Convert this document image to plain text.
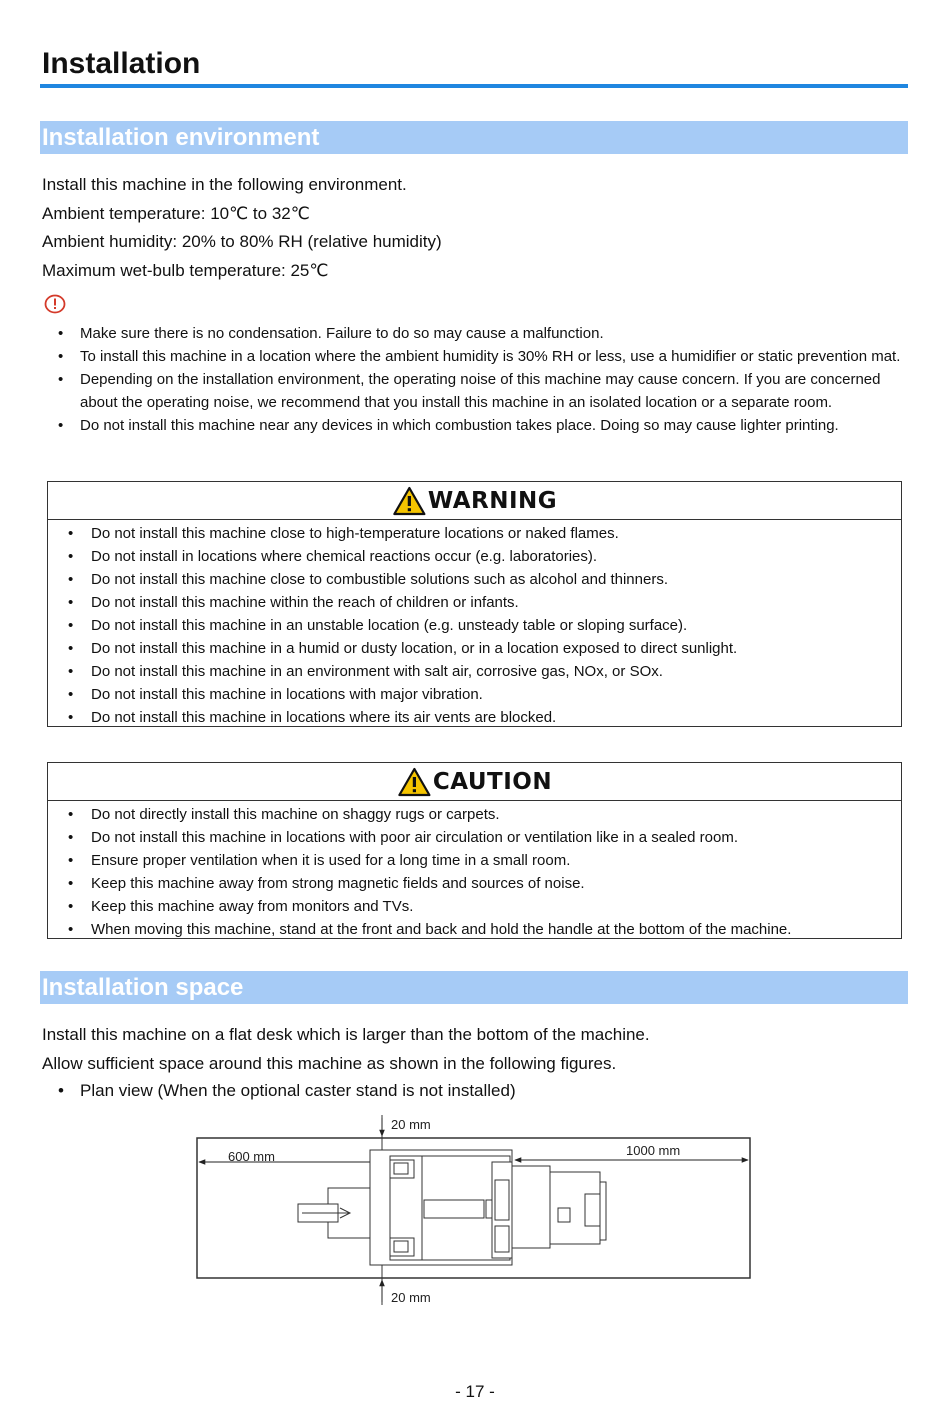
Installation
Installation environment

Install this machine in the following environment.

Ambient temperature: 10℃ to 32℃

Ambient humidity: 20% to 80% RH (relative humidity)

Maximum wet-bulb temperature: 25℃

• Make sure there is no condensation. Failure to do so may cause a malfunction.
• To install this machine in a location where the ambient humidity is 30% RH or less, use a humidifier or static prevention mat.
• Depending on the installation environment, the operating noise of this machine may cause concern. If you are concerned about the operating noise, we recommend that you install this machine in an isolated location or a separate room.
• Do not install this machine near any devices in which combustion takes place. Doing so may cause lighter printing.
WARNING
• Do not install this machine close to high-temperature locations or naked flames.
• Do not install in locations where chemical reactions occur (e.g. laboratories).
• Do not install this machine close to combustible solutions such as alcohol and thinners.
• Do not install this machine within the reach of children or infants.
• Do not install this machine in an unstable location (e.g. unsteady table or sloping surface).
• Do not install this machine in a humid or dusty location, or in a location exposed to direct sunlight.
• Do not install this machine in an environment with salt air, corrosive gas, NOx, or SOx.
• Do not install this machine in locations with major vibration.
• Do not install this machine in locations where its air vents are blocked.
CAUTION
• Do not directly install this machine on shaggy rugs or carpets.
• Do not install this machine in locations with poor air circulation or ventilation like in a sealed room.
• Ensure proper ventilation when it is used for a long time in a small room.
• Keep this machine away from strong magnetic fields and sources of noise.
• Keep this machine away from monitors and TVs.
• When moving this machine, stand at the front and back and hold the handle at the bottom of the machine.
Installation space

Install this machine on a flat desk which is larger than the bottom of the machine.

Allow sufficient space around this machine as shown in the following figures.

• Plan view (When the optional caster stand is not installed)
20 mm
20 mm
600 mm	1000 mm
- 17 -
